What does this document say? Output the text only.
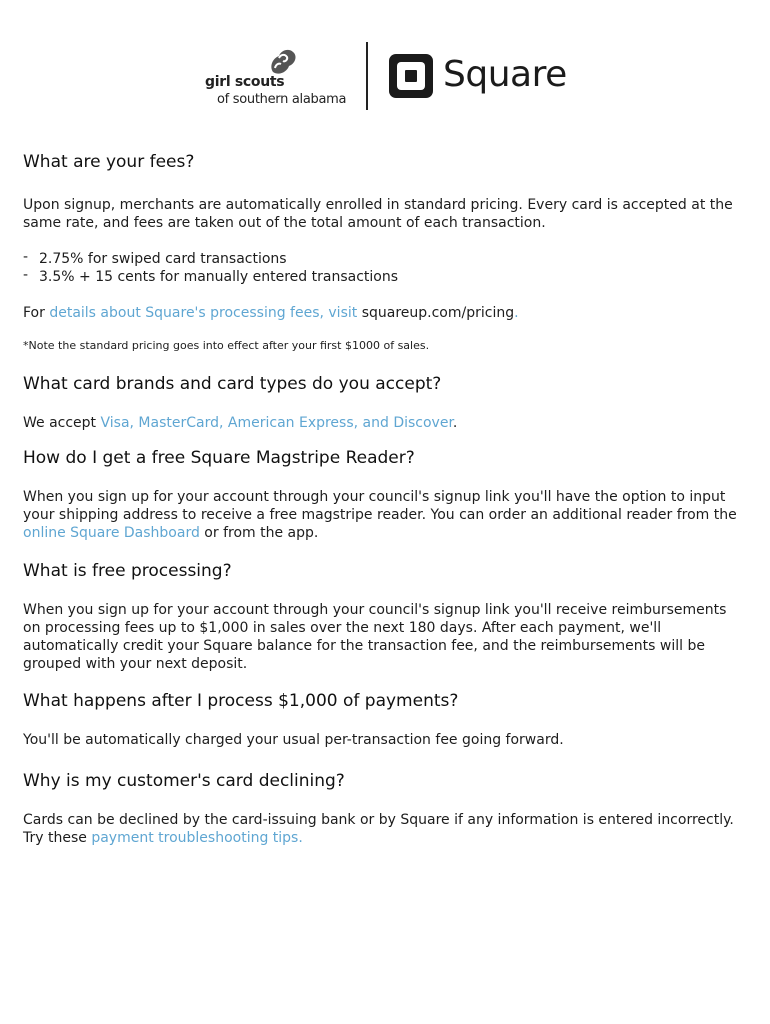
girl scouts
of southern alabama
Square
What are your fees?

Upon signup, merchants are automatically enrolled in standard pricing. Every card is accepted at the same rate, and fees are taken out of the total amount of each transaction.

- 2.75% for swiped card transactions
- 3.5% + 15 cents for manually entered transactions

For details about Square's processing fees, visit squareup.com/pricing.

*Note the standard pricing goes into effect after your first $1000 of sales.

What card brands and card types do you accept?

We accept Visa, MasterCard, American Express, and Discover.

How do I get a free Square Magstripe Reader?

When you sign up for your account through your council's signup link you'll have the option to input your shipping address to receive a free magstripe reader. You can order an additional reader from the online Square Dashboard or from the app.

What is free processing?

When you sign up for your account through your council's signup link you'll receive reimbursements on processing fees up to $1,000 in sales over the next 180 days. After each payment, we'll automatically credit your Square balance for the transaction fee, and the reimbursements will be grouped with your next deposit.

What happens after I process $1,000 of payments?

You'll be automatically charged your usual per-transaction fee going forward.

Why is my customer's card declining?

Cards can be declined by the card-issuing bank or by Square if any information is entered incorrectly. Try these payment troubleshooting tips.
